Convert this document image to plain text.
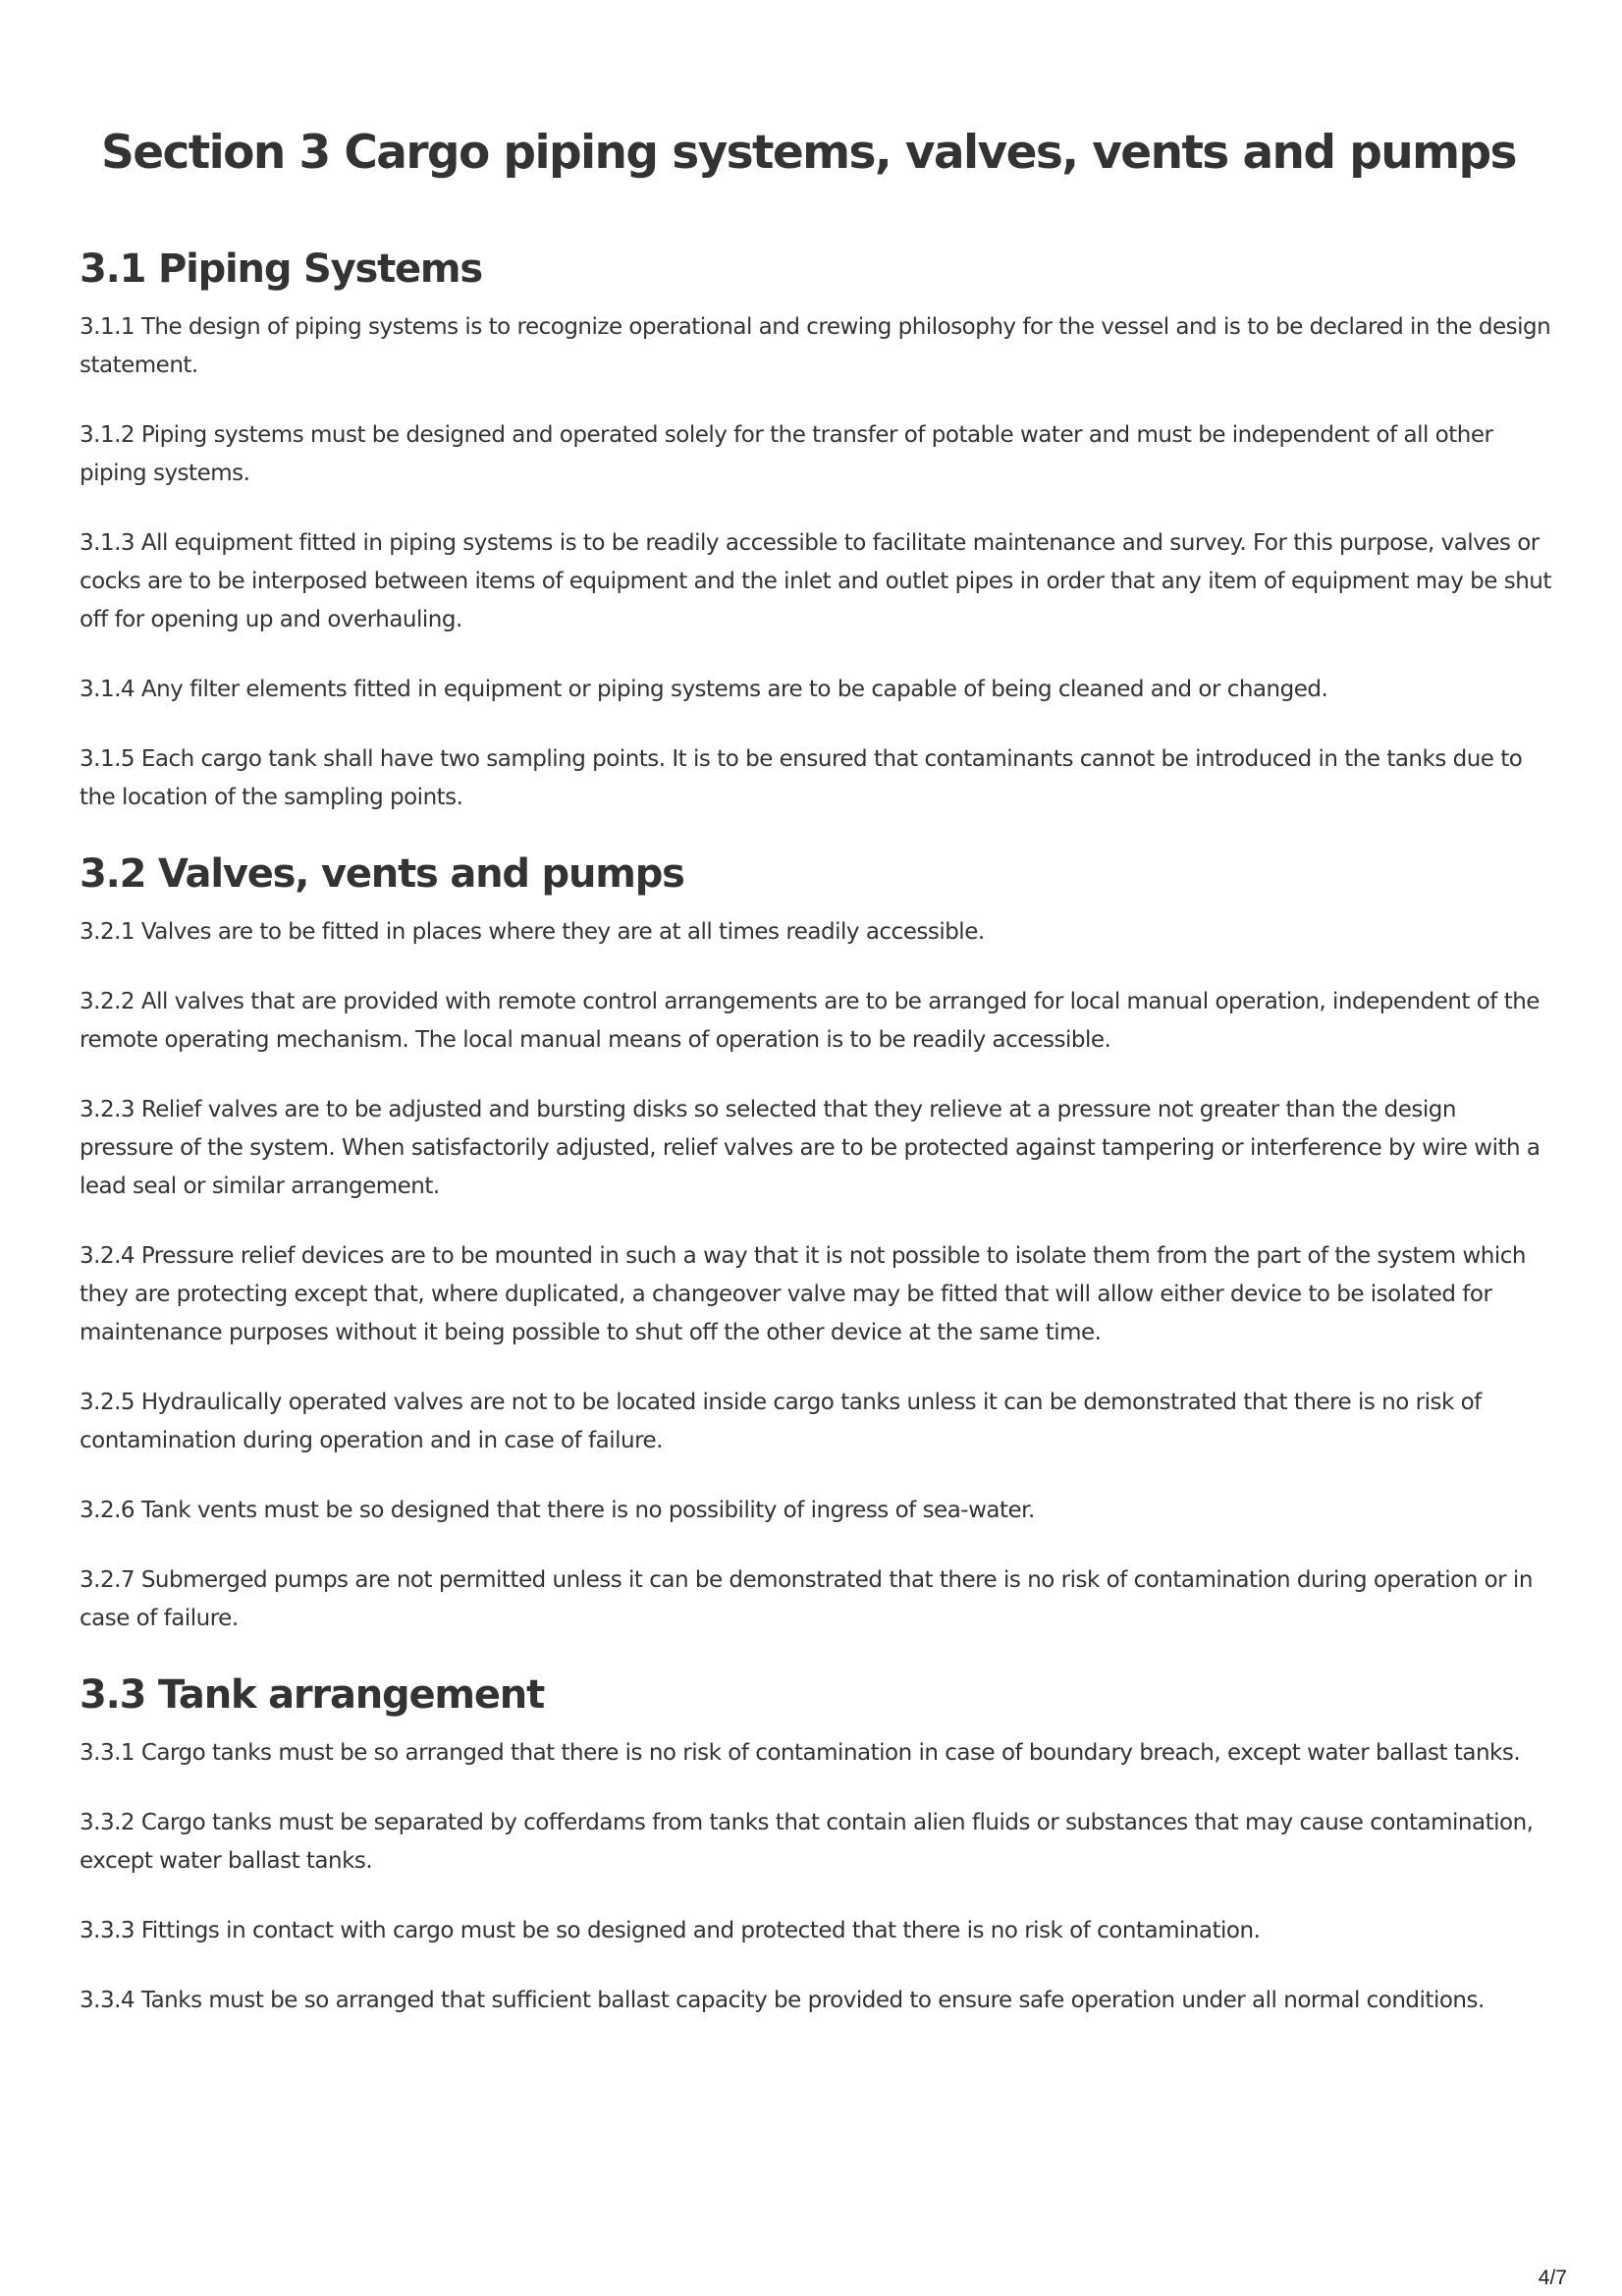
Section 3 Cargo piping systems, valves, vents and pumps
3.1 Piping Systems

3.1.1 The design of piping systems is to recognize operational and crewing philosophy for the vessel and is to be declared in the design statement.

3.1.2 Piping systems must be designed and operated solely for the transfer of potable water and must be independent of all other piping systems.

3.1.3 All equipment fitted in piping systems is to be readily accessible to facilitate maintenance and survey. For this purpose, valves or cocks are to be interposed between items of equipment and the inlet and outlet pipes in order that any item of equipment may be shut off for opening up and overhauling.

3.1.4 Any filter elements fitted in equipment or piping systems are to be capable of being cleaned and or changed.

3.1.5 Each cargo tank shall have two sampling points. It is to be ensured that contaminants cannot be introduced in the tanks due to the location of the sampling points.

3.2 Valves, vents and pumps

3.2.1 Valves are to be fitted in places where they are at all times readily accessible.

3.2.2 All valves that are provided with remote control arrangements are to be arranged for local manual operation, independent of the remote operating mechanism. The local manual means of operation is to be readily accessible.

3.2.3 Relief valves are to be adjusted and bursting disks so selected that they relieve at a pressure not greater than the design pressure of the system. When satisfactorily adjusted, relief valves are to be protected against tampering or interference by wire with a lead seal or similar arrangement.

3.2.4 Pressure relief devices are to be mounted in such a way that it is not possible to isolate them from the part of the system which they are protecting except that, where duplicated, a changeover valve may be fitted that will allow either device to be isolated for maintenance purposes without it being possible to shut off the other device at the same time.

3.2.5 Hydraulically operated valves are not to be located inside cargo tanks unless it can be demonstrated that there is no risk of contamination during operation and in case of failure.

3.2.6 Tank vents must be so designed that there is no possibility of ingress of sea-water.

3.2.7 Submerged pumps are not permitted unless it can be demonstrated that there is no risk of contamination during operation or in case of failure.

3.3 Tank arrangement

3.3.1 Cargo tanks must be so arranged that there is no risk of contamination in case of boundary breach, except water ballast tanks.

3.3.2 Cargo tanks must be separated by cofferdams from tanks that contain alien fluids or substances that may cause contamination, except water ballast tanks.

3.3.3 Fittings in contact with cargo must be so designed and protected that there is no risk of contamination.

3.3.4 Tanks must be so arranged that sufficient ballast capacity be provided to ensure safe operation under all normal conditions.

4/7
